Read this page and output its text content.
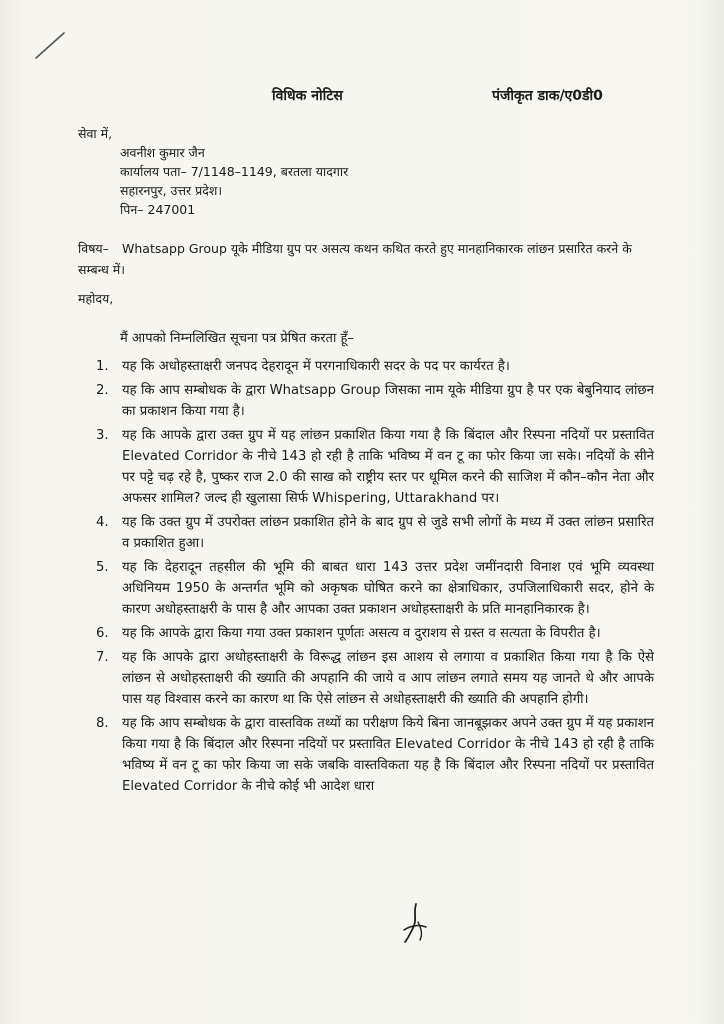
विधिक नोटिस	पंजीकृत डाक/ए0डी0
सेवा में,
अवनीश कुमार जैन
कार्यालय पता– 7/1148–1149, बरतला यादगार
सहारनपुर, उत्तर प्रदेश।
पिन– 247001
विषय– Whatsapp Group यूके मीडिया ग्रुप पर असत्य कथन कथित करते हुए मानहानिकारक लांछन प्रसारित करने के सम्बन्ध में।
महोदय,
मैं आपको निम्नलिखित सूचना पत्र प्रेषित करता हूँ–
1. यह कि अधोहस्ताक्षरी जनपद देहरादून में परगनाधिकारी सदर के पद पर कार्यरत है।
2. यह कि आप सम्बोधक के द्वारा Whatsapp Group जिसका नाम यूके मीडिया ग्रुप है पर एक बेबुनियाद लांछन का प्रकाशन किया गया है।
3. यह कि आपके द्वारा उक्त ग्रुप में यह लांछन प्रकाशित किया गया है कि बिंदाल और रिस्पना नदियों पर प्रस्तावित Elevated Corridor के नीचे 143 हो रही है ताकि भविष्य में वन टू का फोर किया जा सके। नदियों के सीने पर पट्टे चढ़ रहे है, पुष्कर राज 2.0 की साख को राष्ट्रीय स्तर पर धूमिल करने की साजिश में कौन–कौन नेता और अफसर शामिल? जल्द ही खुलासा सिर्फ Whispering, Uttarakhand पर।
4. यह कि उक्त ग्रुप में उपरोक्त लांछन प्रकाशित होने के बाद ग्रुप से जुडे सभी लोगों के मध्य में उक्त लांछन प्रसारित व प्रकाशित हुआ।
5. यह कि देहरादून तहसील की भूमि की बाबत धारा 143 उत्तर प्रदेश जमींनदारी विनाश एवं भूमि व्यवस्था अधिनियम 1950 के अन्तर्गत भूमि को अकृषक घोषित करने का क्षेत्राधिकार, उपजिलाधिकारी सदर, होने के कारण अधोहस्ताक्षरी के पास है और आपका उक्त प्रकाशन अधोहस्ताक्षरी के प्रति मानहानिकारक है।
6. यह कि आपके द्वारा किया गया उक्त प्रकाशन पूर्णतः असत्य व दुराशय से ग्रस्त व सत्यता के विपरीत है।
7. यह कि आपके द्वारा अधोहस्ताक्षरी के विरूद्ध लांछन इस आशय से लगाया व प्रकाशित किया गया है कि ऐसे लांछन से अधोहस्ताक्षरी की ख्याति की अपहानि की जाये व आप लांछन लगाते समय यह जानते थे और आपके पास यह विश्वास करने का कारण था कि ऐसे लांछन से अधोहस्ताक्षरी की ख्याति की अपहानि होगी।
8. यह कि आप सम्बोधक के द्वारा वास्तविक तथ्यों का परीक्षण किये बिना जानबूझकर अपने उक्त ग्रुप में यह प्रकाशन किया गया है कि बिंदाल और रिस्पना नदियों पर प्रस्तावित Elevated Corridor के नीचे 143 हो रही है ताकि भविष्य में वन टू का फोर किया जा सके जबकि वास्तविकता यह है कि बिंदाल और रिस्पना नदियों पर प्रस्तावित Elevated Corridor के नीचे कोई भी आदेश धारा
